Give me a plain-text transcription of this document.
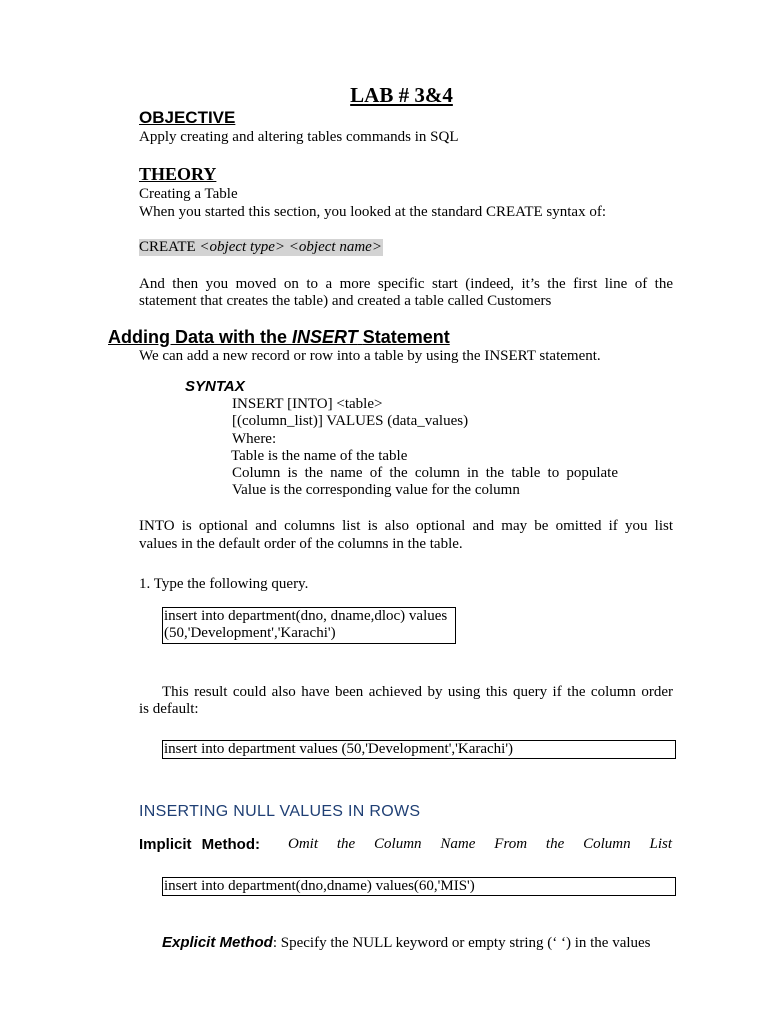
LAB # 3&4
OBJECTIVE
Apply creating and altering tables commands in SQL
THEORY
Creating a Table
When you started this section, you looked at the standard CREATE syntax of:
CREATE <object type> <object name>
And then you moved on to a more specific start (indeed, it’s the first line of the
statement that creates the table) and created a table called Customers
Adding Data with the INSERT Statement
We can add a new record or row into a table by using the INSERT statement.
SYNTAX
INSERT [INTO] <table>
[(column_list)] VALUES (data_values)
Where:
Table is the name of the table
Column is the name of the column in the table to populate
Value is the corresponding value for the column
INTO is optional and columns list is also optional and may be omitted if you list
values in the default order of the columns in the table.
1. Type the following query.
insert into department(dno, dname,dloc) values
(50,'Development','Karachi')
This result could also have been achieved by using this query if the column order
is default:
insert into department values (50,'Development','Karachi')
INSERTING NULL VALUES IN ROWS
Implicit Method: Omit the Column Name From the Column List
insert into department(dno,dname) values(60,'MIS')
Explicit Method: Specify the NULL keyword or empty string (‘ ‘) in the values
